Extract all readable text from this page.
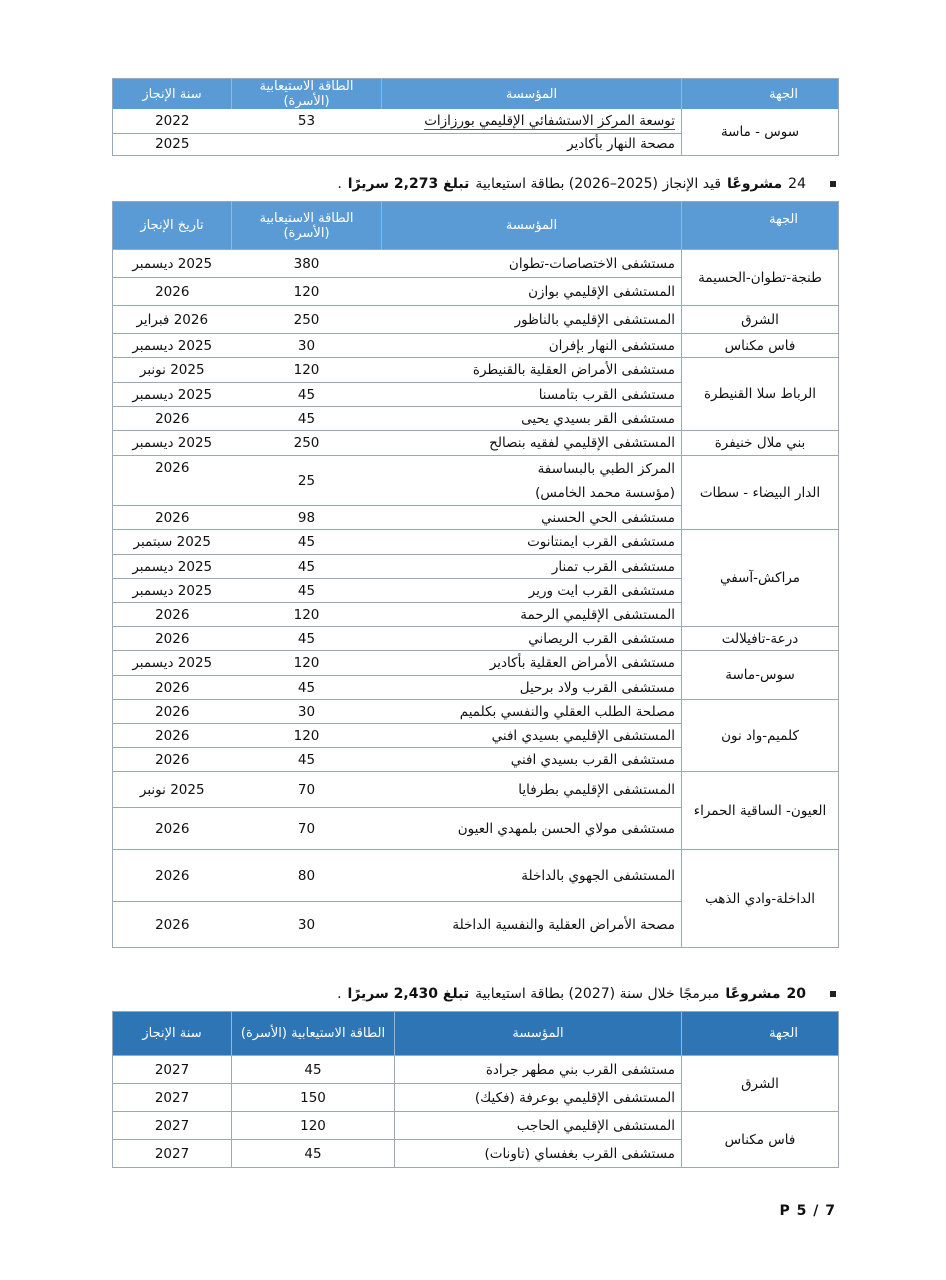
الجهة	المؤسسة	الطاقة الاستيعابية (الأسرة)	سنة الإنجاز
سوس - ماسة	توسعة المركز الاستشفائي الإقليمي بورزازات	53	2022
	مصحة النهار بأكادير		2025
24
مشروعًا
قيد الإنجاز (2025–2026) بطاقة استيعابية
تبلغ 2,273 سريرًا
.
الجهة	المؤسسة	الطاقة الاستيعابية (الأسرة)	تاريخ الإنجاز
طنجة-تطوان-الحسيمة	مستشفى الاختصاصات-تطوان	380	2025 ديسمبر
	المستشفى الإقليمي بوازن	120	2026
الشرق	المستشفى الإقليمي بالناظور	250	2026 فبراير
فاس مكناس	مستشفى النهار بإفران	30	2025 ديسمبر
الرباط سلا القنيطرة	مستشفى الأمراض العقلية بالقنيطرة	120	2025 نونبر
	مستشفى القرب بتامسنا	45	2025 ديسمبر
	مستشفى القر بسيدي يحيى	45	2026
بني ملال خنيفرة	المستشفى الإقليمي لفقيه بنصالح	250	2025 ديسمبر
الدار البيضاء - سطات	المركز الطبي بالبساسفة
(مؤسسة محمد الخامس)	25	2026
	مستشفى الحي الحسني	98	2026
مراكش-آسفي	مستشفى القرب ايمنتانوت	45	2025 سبتمبر
	مستشفى القرب تمنار	45	2025 ديسمبر
	مستشفى القرب ايت ورير	45	2025 ديسمبر
	المستشفى الإقليمي الرحمة	120	2026
درعة-تافيلالت	مستشفى القرب الريصاني	45	2026
سوس-ماسة	مستشفى الأمراض العقلية بأكادير	120	2025 ديسمبر
	مستشفى القرب ولاد برحيل	45	2026
كلميم-واد نون	مصلحة الطلب العقلي والنفسي بكلميم	30	2026
	المستشفى الإقليمي بسيدي افني	120	2026
	مستشفى القرب بسيدي افني	45	2026
العيون- الساقية الحمراء	المستشفى الإقليمي بطرفايا	70	2025 نونبر
	مستشفى مولاي الحسن بلمهدي العيون	70	2026
الداخلة-وادي الذهب	المستشفى الجهوي بالداخلة	80	2026
	مصحة الأمراض العقلية والنفسية الداخلة	30	2026
20
مشروعًا
مبرمجًا خلال سنة (2027) بطاقة استيعابية
تبلغ 2,430 سريرًا
.
الجهة	المؤسسة	الطاقة الاستيعابية (الأسرة)	سنة الإنجاز
الشرق	مستشفى القرب بني مطهر جرادة	45	2027
	المستشفى الإقليمي بوعرفة (فكيك)	150	2027
فاس مكناس	المستشفى الإقليمي الحاجب	120	2027
	مستشفى القرب بغفساي (تاونات)	45	2027
P 5 / 7
